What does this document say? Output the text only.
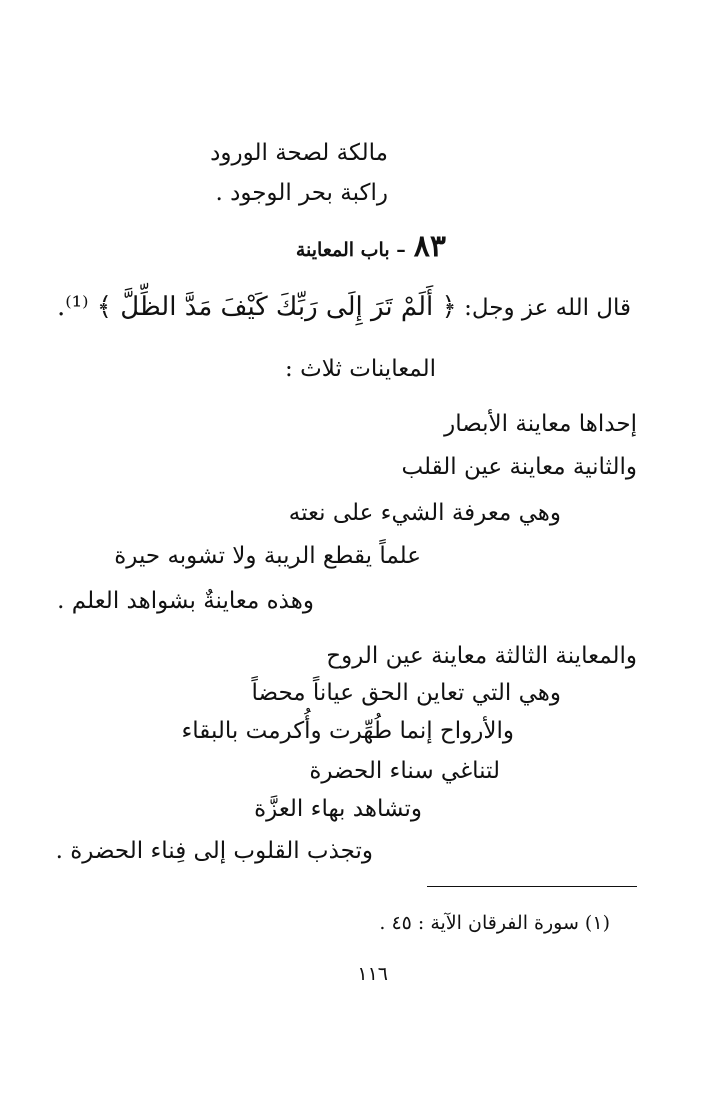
مالكة لصحة الورود
راكبة بحر الوجود .
٨٣ – باب المعاينة
قال الله عز وجل: ﴿ أَلَمْ تَرَ إِلَى رَبِّكَ كَيْفَ مَدَّ الظِّلَّ ﴾ ⁽¹⁾.
المعاينات ثلاث :
إحداها معاينة الأبصار
والثانية معاينة عين القلب
وهي معرفة الشيء على نعته
علماً يقطع الريبة ولا تشوبه حيرة
وهذه معاينةٌ بشواهد العلم .
والمعاينة الثالثة معاينة عين الروح
وهي التي تعاين الحق عياناً محضاً
والأرواح إنما طُهِّرت وأُكرمت بالبقاء
لتناغي سناء الحضرة
وتشاهد بهاء العزَّة
وتجذب القلوب إلى فِناء الحضرة .
(١) سورة الفرقان الآية : ٤٥ .
١١٦
